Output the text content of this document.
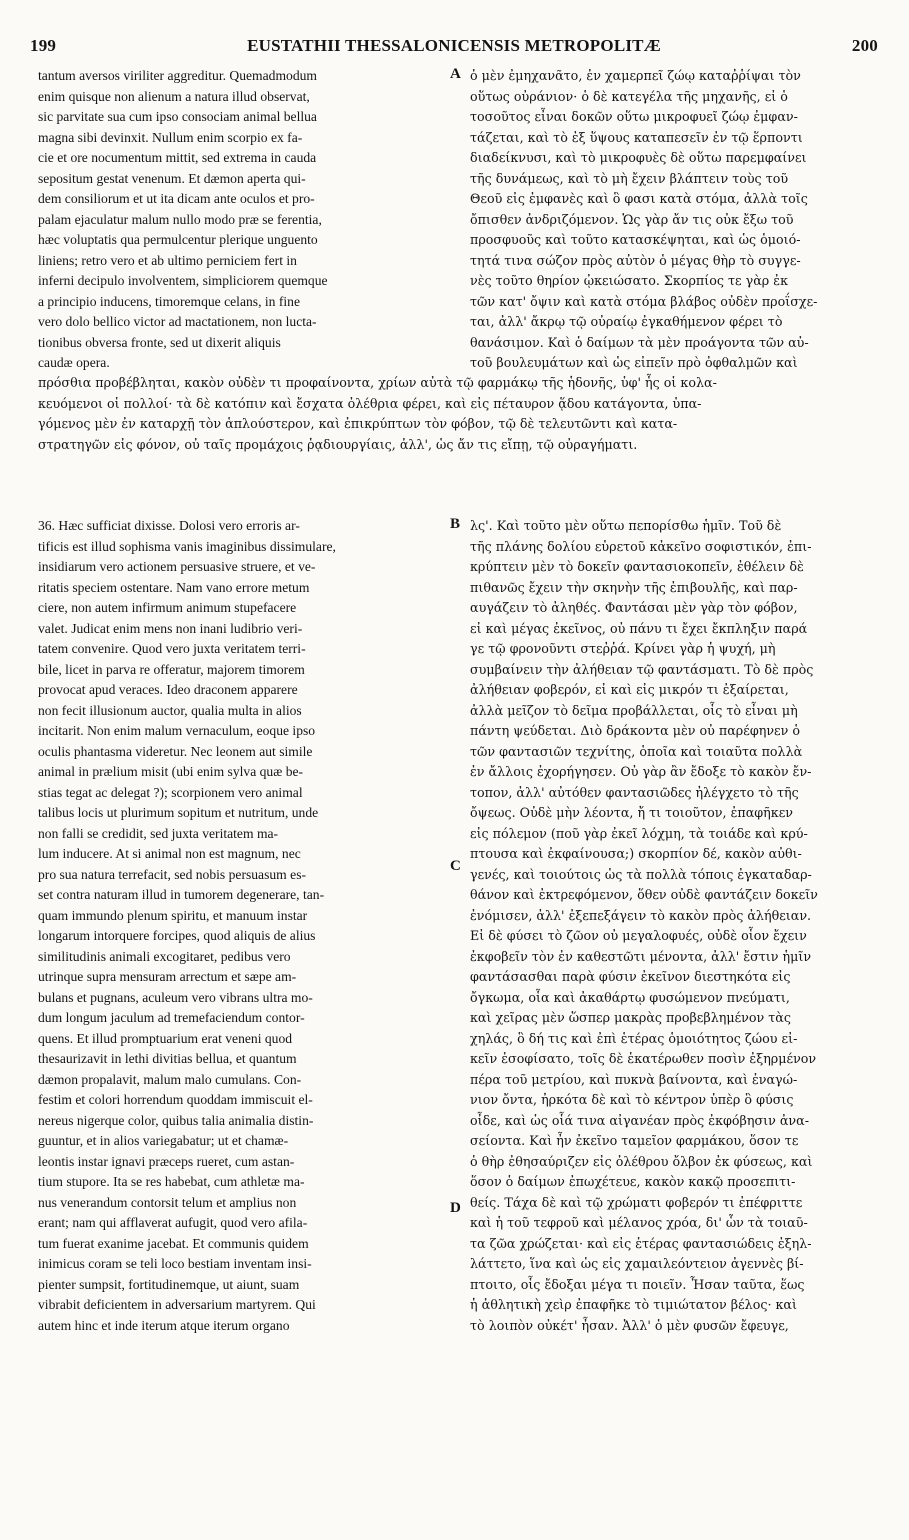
199	EUSTATHII THESSALONICENSIS METROPOLITÆ	200

tantum aversos viriliter aggreditur. Quemadmodum

enim quisque non alienum a natura illud observat,

sic parvitate sua cum ipso consociam animal bellua

magna sibi devinxit. Nullum enim scorpio ex fa-

cie et ore nocumentum mittit, sed extrema in cauda

sepositum gestat venenum. Et dæmon aperta qui-

dem consiliorum et ut ita dicam ante oculos et pro-

palam ejaculatur malum nullo modo præ se ferentia,

hæc voluptatis qua permulcentur plerique unguento

liniens; retro vero et ab ultimo perniciem fert in

inferni decipulo involventem, simpliciorem quemque

a principio inducens, timoremque celans, in fine

vero dolo bellico victor ad mactationem, non lucta-

tionibus obversa fronte, sed ut dixerit aliquis

caudæ opera.

ὁ μὲν ἐμηχανᾶτο, ἐν χαμερπεῖ ζώῳ καταῤῥίψαι τὸν

οὕτως οὐράνιον· ὁ δὲ κατεγέλα τῆς μηχανῆς, εἰ ὁ

τοσοῦτος εἶναι δοκῶν οὕτω μικροφυεῖ ζώῳ ἐμφαν-

τάζεται, καὶ τὸ ἐξ ὕψους καταπεσεῖν ἐν τῷ ἕρποντι

διαδείκνυσι, καὶ τὸ μικροφυὲς δὲ οὕτω παρεμφαίνει

τῆς δυνάμεως, καὶ τὸ μὴ ἔχειν βλάπτειν τοὺς τοῦ

Θεοῦ εἰς ἐμφανὲς καὶ ὃ φασι κατὰ στόμα, ἀλλὰ τοῖς

ὄπισθεν ἀνδριζόμενον. Ὡς γὰρ ἄν τις οὐκ ἔξω τοῦ

προσφυοῦς καὶ τοῦτο κατασκέψηται, καὶ ὡς ὁμοιό-

τητά τινα σώζον πρὸς αὐτὸν ὁ μέγας θὴρ τὸ συγγε-

νὲς τοῦτο θηρίον ᾠκειώσατο. Σκορπίος τε γὰρ ἐκ

τῶν κατ' ὄψιν καὶ κατὰ στόμα βλάβος οὐδὲν προΐσχε-

ται, ἀλλ' ἄκρῳ τῷ οὐραίῳ ἐγκαθήμενον φέρει τὸ

θανάσιμον. Καὶ ὁ δαίμων τὰ μὲν προάγοντα τῶν αὐ-

τοῦ βουλευμάτων καὶ ὡς εἰπεῖν πρὸ ὀφθαλμῶν καὶ

πρόσθια προβέβληται, κακὸν οὐδὲν τι προφαίνοντα, χρίων αὐτὰ τῷ φαρμάκῳ τῆς ἡδονῆς, ὑφ' ἧς οἱ κολα-

κευόμενοι οἱ πολλοί· τὰ δὲ κατόπιν καὶ ἔσχατα ὀλέθρια φέρει, καὶ εἰς πέταυρον ᾅδου κατάγοντα, ὑπα-

γόμενος μὲν ἐν καταρχῇ τὸν ἁπλούστερον, καὶ ἐπικρύπτων τὸν φόβον, τῷ δὲ τελευτῶντι καὶ κατα-

στρατηγῶν εἰς φόνον, οὐ ταῖς προμάχοις ῥᾳδιουργίαις, ἀλλ', ὡς ἄν τις εἴπῃ, τῷ οὐραγήματι.

36. Hæc sufficiat dixisse. Dolosi vero erroris ar-

tificis est illud sophisma vanis imaginibus dissimulare,

insidiarum vero actionem persuasive struere, et ve-

ritatis speciem ostentare. Nam vano errore metum

ciere, non autem infirmum animum stupefacere

valet. Judicat enim mens non inani ludibrio veri-

tatem convenire. Quod vero juxta veritatem terri-

bile, licet in parva re offeratur, majorem timorem

provocat apud veraces. Ideo draconem apparere

non fecit illusionum auctor, qualia multa in alios

incitarit. Non enim malum vernaculum, eoque ipso

oculis phantasma videretur. Nec leonem aut simile

animal in prælium misit (ubi enim sylva quæ be-

stias tegat ac delegat ?); scorpionem vero animal

talibus locis ut plurimum sopitum et nutritum, unde

non falli se credidit, sed juxta veritatem ma-

lum inducere. At si animal non est magnum, nec

pro sua natura terrefacit, sed nobis persuasum es-

set contra naturam illud in tumorem degenerare, tan-

quam immundo plenum spiritu, et manuum instar

longarum intorquere forcipes, quod aliquis de alius

similitudinis animali excogitaret, pedibus vero

utrinque supra mensuram arrectum et sæpe am-

bulans et pugnans, aculeum vero vibrans ultra mo-

dum longum jaculum ad tremefaciendum contor-

quens. Et illud promptuarium erat veneni quod

thesaurizavit in lethi divitias bellua, et quantum

dæmon propalavit, malum malo cumulans. Con-

festim et colori horrendum quoddam immiscuit el-

nereus nigerque color, quibus talia animalia distin-

guuntur, et in alios variegabatur; ut et chamæ-

leontis instar ignavi præceps rueret, cum astan-

tium stupore. Ita se res habebat, cum athletæ ma-

nus venerandum contorsit telum et amplius non

erant; nam qui afflaverat aufugit, quod vero afila-

tum fuerat exanime jacebat. Et communis quidem

inimicus coram se teli loco bestiam inventam insi-

pienter sumpsit, fortitudinemque, ut aiunt, suam

vibrabit deficientem in adversarium martyrem. Qui

autem hinc et inde iterum atque iterum organo

λς'. Καὶ τοῦτο μὲν οὕτω πεπορίσθω ἡμῖν. Τοῦ δὲ

τῆς πλάνης δολίου εὑρετοῦ κἀκεῖνο σοφιστικόν, ἐπι-

κρύπτειν μὲν τὸ δοκεῖν φαντασιοκοπεῖν, ἐθέλειν δὲ

πιθανῶς ἔχειν τὴν σκηνὴν τῆς ἐπιβουλῆς, καὶ παρ-

αυγάζειν τὸ ἀληθές. Φαντάσαι μὲν γὰρ τὸν φόβον,

εἰ καὶ μέγας ἐκεῖνος, οὐ πάνυ τι ἔχει ἔκπληξιν παρά

γε τῷ φρονοῦντι στεῤῥά. Κρίνει γὰρ ἡ ψυχή, μὴ

συμβαίνειν τὴν ἀλήθειαν τῷ φαντάσματι. Τὸ δὲ πρὸς

ἀλήθειαν φοβερόν, εἰ καὶ εἰς μικρόν τι ἐξαίρεται,

ἀλλὰ μεῖζον τὸ δεῖμα προβάλλεται, οἷς τὸ εἶναι μὴ

πάντη ψεύδεται. Διὸ δράκοντα μὲν οὐ παρέφηνεν ὁ

τῶν φαντασιῶν τεχνίτης, ὁποῖα καὶ τοιαῦτα πολλὰ

ἐν ἄλλοις ἐχορήγησεν. Οὐ γὰρ ἂν ἔδοξε τὸ κακὸν ἔν-

τοπον, ἀλλ' αὐτόθεν φαντασιῶδες ἠλέγχετο τὸ τῆς

ὄψεως. Οὐδὲ μὴν λέοντα, ἤ τι τοιοῦτον, ἐπαφῆκεν

εἰς πόλεμον (ποῦ γὰρ ἐκεῖ λόχμη, τὰ τοιάδε καὶ κρύ-

πτουσα καὶ ἐκφαίνουσα;) σκορπίον δέ, κακὸν αὐθι-

γενές, καὶ τοιούτοις ὡς τὰ πολλὰ τόποις ἐγκαταδαρ-

θάνον καὶ ἐκτρεφόμενον, ὅθεν οὐδὲ φαντάζειν δοκεῖν

ἐνόμισεν, ἀλλ' ἐξεπεξάγειν τὸ κακὸν πρὸς ἀλήθειαν.

Εἰ δὲ φύσει τὸ ζῶον οὐ μεγαλοφυές, οὐδὲ οἷον ἔχειν

ἐκφοβεῖν τὸν ἐν καθεστῶτι μένοντα, ἀλλ' ἔστιν ἡμῖν

φαντάσασθαι παρὰ φύσιν ἐκεῖνον διεστηκότα εἰς

ὄγκωμα, οἷα καὶ ἀκαθάρτῳ φυσώμενον πνεύματι,

καὶ χεῖρας μὲν ὥσπερ μακρὰς προβεβλημένον τὰς

χηλάς, ὃ δή τις καὶ ἐπὶ ἑτέρας ὁμοιότητος ζώου εἰ-

κεῖν ἐσοφίσατο, τοῖς δὲ ἑκατέρωθεν ποσὶν ἐξηρμένον

πέρα τοῦ μετρίου, καὶ πυκνὰ βαίνοντα, καὶ ἐναγώ-

νιον ὄντα, ἠρκότα δὲ καὶ τὸ κέντρον ὑπὲρ ὃ φύσις

οἶδε, καὶ ὡς οἷά τινα αἰγανέαν πρὸς ἐκφόβησιν ἀνα-

σείοντα. Καὶ ἦν ἐκεῖνο ταμεῖον φαρμάκου, ὅσον τε

ὁ θὴρ ἐθησαύριζεν εἰς ὀλέθρου ὄλβον ἐκ φύσεως, καὶ

ὅσον ὁ δαίμων ἐπωχέτευε, κακὸν κακῷ προσεπιτι-

θείς. Τάχα δὲ καὶ τῷ χρώματι φοβερόν τι ἐπέφριττε

καὶ ἡ τοῦ τεφροῦ καὶ μέλανος χρόα, δι' ὧν τὰ τοιαῦ-

τα ζῶα χρώζεται· καὶ εἰς ἑτέρας φαντασιώδεις ἐξηλ-

λάττετο, ἵνα καὶ ὡς εἰς χαμαιλεόντειον ἀγεννὲς βί-

πτοιτο, οἷς ἔδοξαι μέγα τι ποιεῖν. Ἦσαν ταῦτα, ἕως

ἡ ἀθλητικὴ χεὶρ ἐπαφῆκε τὸ τιμιώτατον βέλος· καὶ

τὸ λοιπὸν οὐκέτ' ἦσαν. Ἀλλ' ὁ μὲν φυσῶν ἔφευγε,

A
B
C
D
